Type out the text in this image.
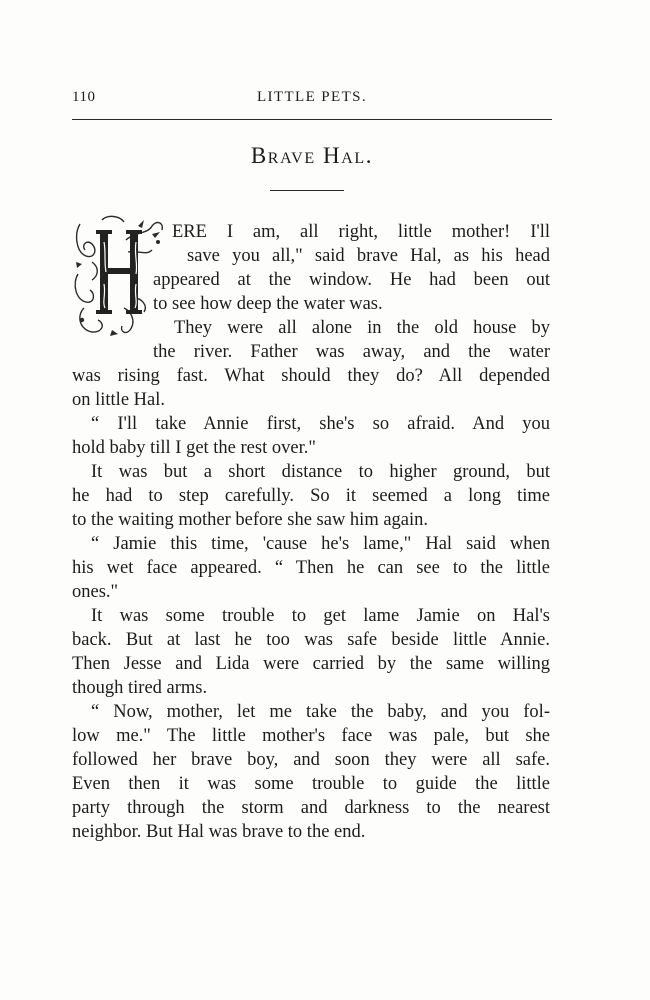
110	LITTLE PETS.
Brave Hal.
ERE I am, all right, little mother! I'll
save you all," said brave Hal, as his head
appeared at the window. He had been out
to see how deep the water was.
They were all alone in the old house by
the river. Father was away, and the water
was rising fast. What should they do? All depended
on little Hal.
“ I'll take Annie first, she's so afraid. And you
hold baby till I get the rest over."
It was but a short distance to higher ground, but
he had to step carefully. So it seemed a long time
to the waiting mother before she saw him again.
“ Jamie this time, 'cause he's lame," Hal said when
his wet face appeared. “ Then he can see to the little
ones."
It was some trouble to get lame Jamie on Hal's
back. But at last he too was safe beside little Annie.
Then Jesse and Lida were carried by the same willing
though tired arms.
“ Now, mother, let me take the baby, and you fol-
low me." The little mother's face was pale, but she
followed her brave boy, and soon they were all safe.
Even then it was some trouble to guide the little
party through the storm and darkness to the nearest
neighbor. But Hal was brave to the end.
